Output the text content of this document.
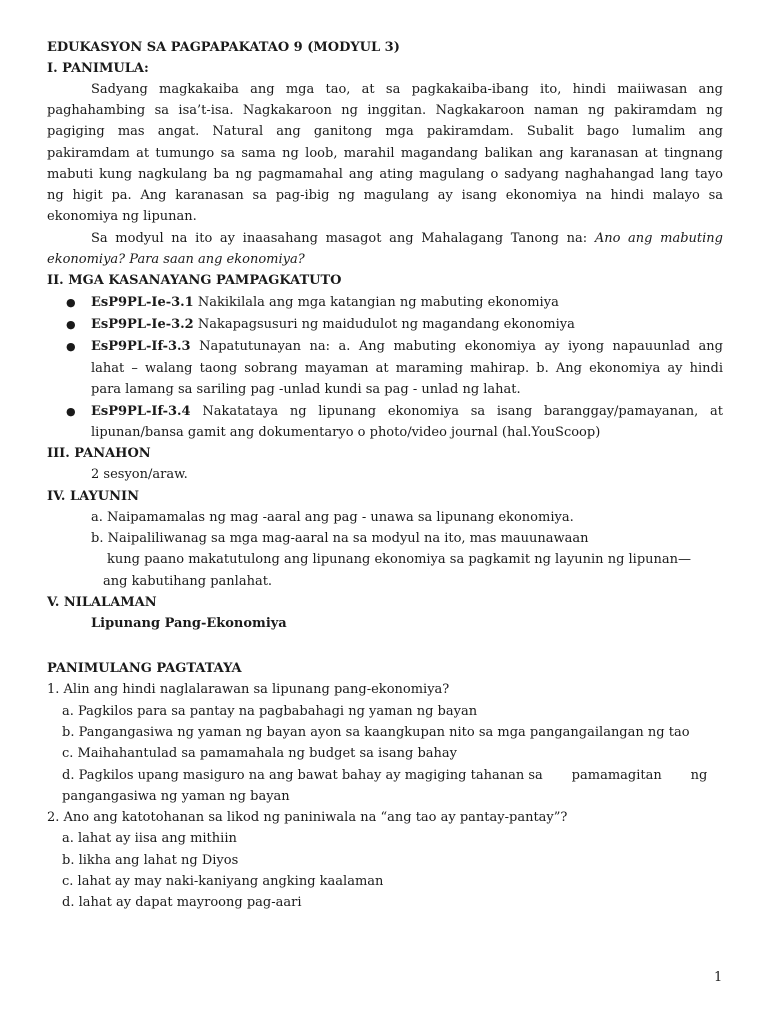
EDUKASYON SA PAGPAPAKATAO 9 (MODYUL 3)
I. PANIMULA:
Sadyang magkakaiba ang mga tao, at sa pagkakaiba-ibang ito, hindi maiiwasan ang
paghahambing sa isa’t-isa. Nagkakaroon ng inggitan. Nagkakaroon naman ng pakiramdam ng
pagiging mas angat. Natural ang ganitong mga pakiramdam. Subalit bago lumalim ang
pakiramdam at tumungo sa sama ng loob, marahil magandang balikan ang karanasan at tingnang
mabuti kung nagkulang ba ng pagmamahal ang ating magulang o sadyang naghahangad lang tayo
ng higit pa. Ang karanasan sa pag-ibig ng magulang ay isang ekonomiya na hindi malayo sa
ekonomiya ng lipunan.
Sa modyul na ito ay inaasahang masagot ang Mahalagang Tanong na: Ano ang mabuting
ekonomiya? Para saan ang ekonomiya?
II. MGA KASANAYANG PAMPAGKATUTO
● EsP9PL-Ie-3.1 Nakikilala ang mga katangian ng mabuting ekonomiya
● EsP9PL-Ie-3.2 Nakapagsusuri ng maidudulot ng magandang ekonomiya
● EsP9PL-If-3.3 Napatutunayan na: a. Ang mabuting ekonomiya ay iyong napauunlad ang
lahat – walang taong sobrang mayaman at maraming mahirap. b. Ang ekonomiya ay hindi
para lamang sa sariling pag -unlad kundi sa pag - unlad ng lahat.
● EsP9PL-If-3.4 Nakatataya ng lipunang ekonomiya sa isang baranggay/pamayanan, at
lipunan/bansa gamit ang dokumentaryo o photo/video journal (hal.YouScoop)
III. PANAHON
2 sesyon/araw.
IV. LAYUNIN
a. Naipamamalas ng mag -aaral ang pag - unawa sa lipunang ekonomiya.
b. Naipaliliwanag sa mga mag-aaral na sa modyul na ito, mas mauunawaan
kung paano makatutulong ang lipunang ekonomiya sa pagkamit ng layunin ng lipunan—
ang kabutihang panlahat.
V. NILALAMAN
Lipunang Pang-Ekonomiya
PANIMULANG PAGTATAYA
1. Alin ang hindi naglalarawan sa lipunang pang-ekonomiya?
a. Pagkilos para sa pantay na pagbabahagi ng yaman ng bayan
b. Pangangasiwa ng yaman ng bayan ayon sa kaangkupan nito sa mga pangangailangan ng tao
c. Maihahantulad sa pamamahala ng budget sa isang bahay
d. Pagkilos upang masiguro na ang bawat bahay ay magiging tahanan sa       pamamagitan       ng
pangangasiwa ng yaman ng bayan
2. Ano ang katotohanan sa likod ng paniniwala na “ang tao ay pantay-pantay”?
a. lahat ay iisa ang mithiin
b. likha ang lahat ng Diyos
c. lahat ay may naki-kaniyang angking kaalaman
d. lahat ay dapat mayroong pag-aari
1
